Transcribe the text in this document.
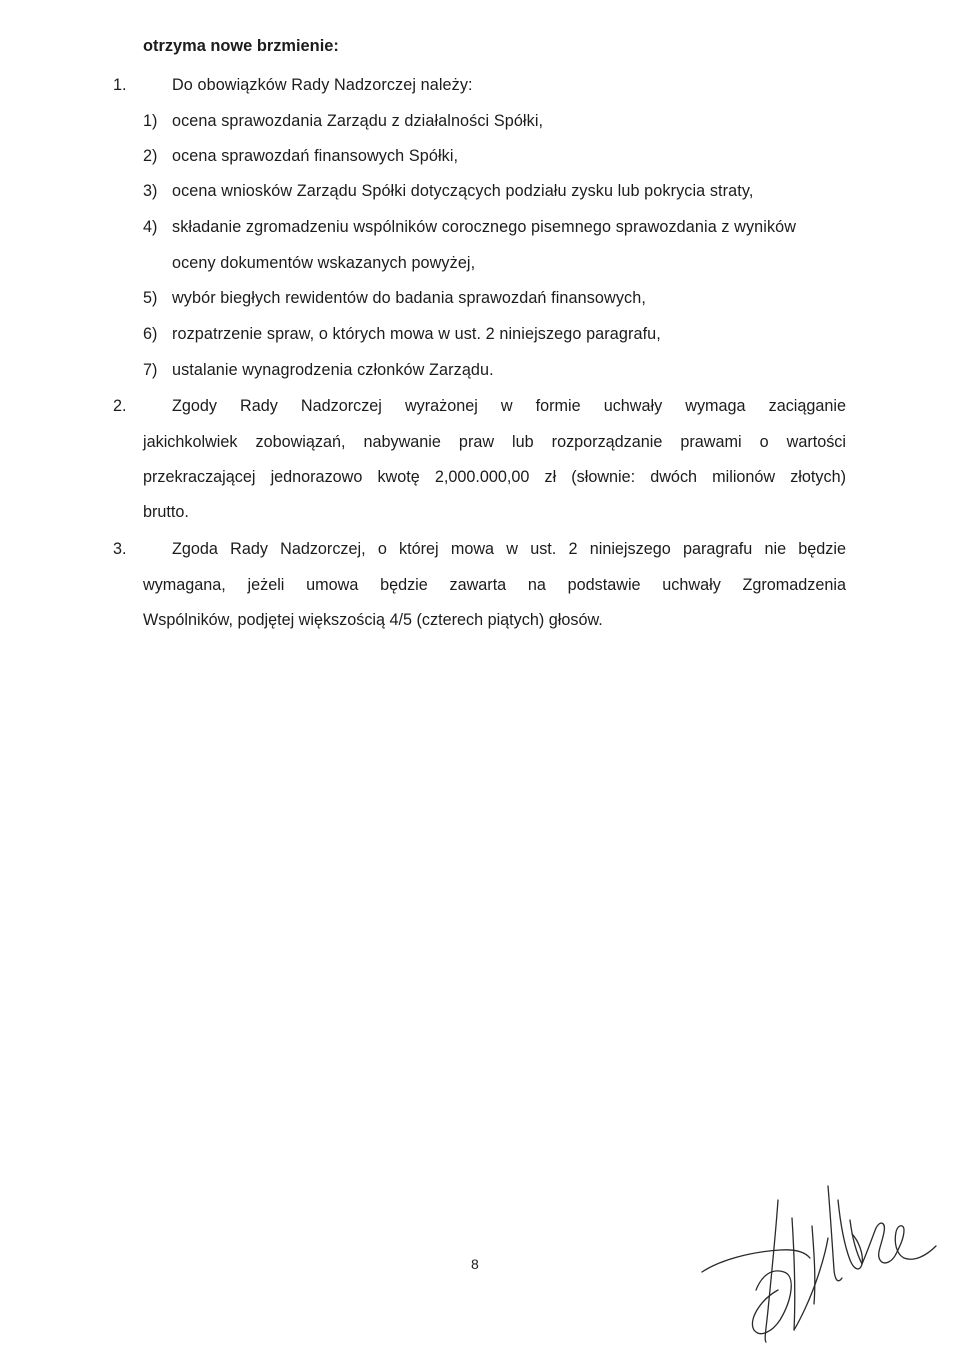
otrzyma nowe brzmienie:
1.	Do obowiązków Rady Nadzorczej należy:
1) ocena sprawozdania Zarządu z działalności Spółki,
2) ocena sprawozdań finansowych Spółki,
3) ocena wniosków Zarządu Spółki dotyczących podziału zysku lub pokrycia straty,
4) składanie zgromadzeniu wspólników corocznego pisemnego sprawozdania z wyników
oceny dokumentów wskazanych powyżej,
5) wybór biegłych rewidentów do badania sprawozdań finansowych,
6) rozpatrzenie spraw, o których mowa w ust. 2 niniejszego paragrafu,
7) ustalanie wynagrodzenia członków Zarządu.
2.	Zgody Rady Nadzorczej wyrażonej w formie uchwały wymaga zaciąganie
jakichkolwiek zobowiązań, nabywanie praw lub rozporządzanie prawami o wartości
przekraczającej jednorazowo kwotę 2,000.000,00 zł (słownie: dwóch milionów złotych)
brutto.
3.	Zgoda Rady Nadzorczej, o której mowa w ust. 2 niniejszego paragrafu nie będzie
wymagana, jeżeli umowa będzie zawarta na podstawie uchwały Zgromadzenia
Wspólników, podjętej większością 4/5 (czterech piątych) głosów.
8
